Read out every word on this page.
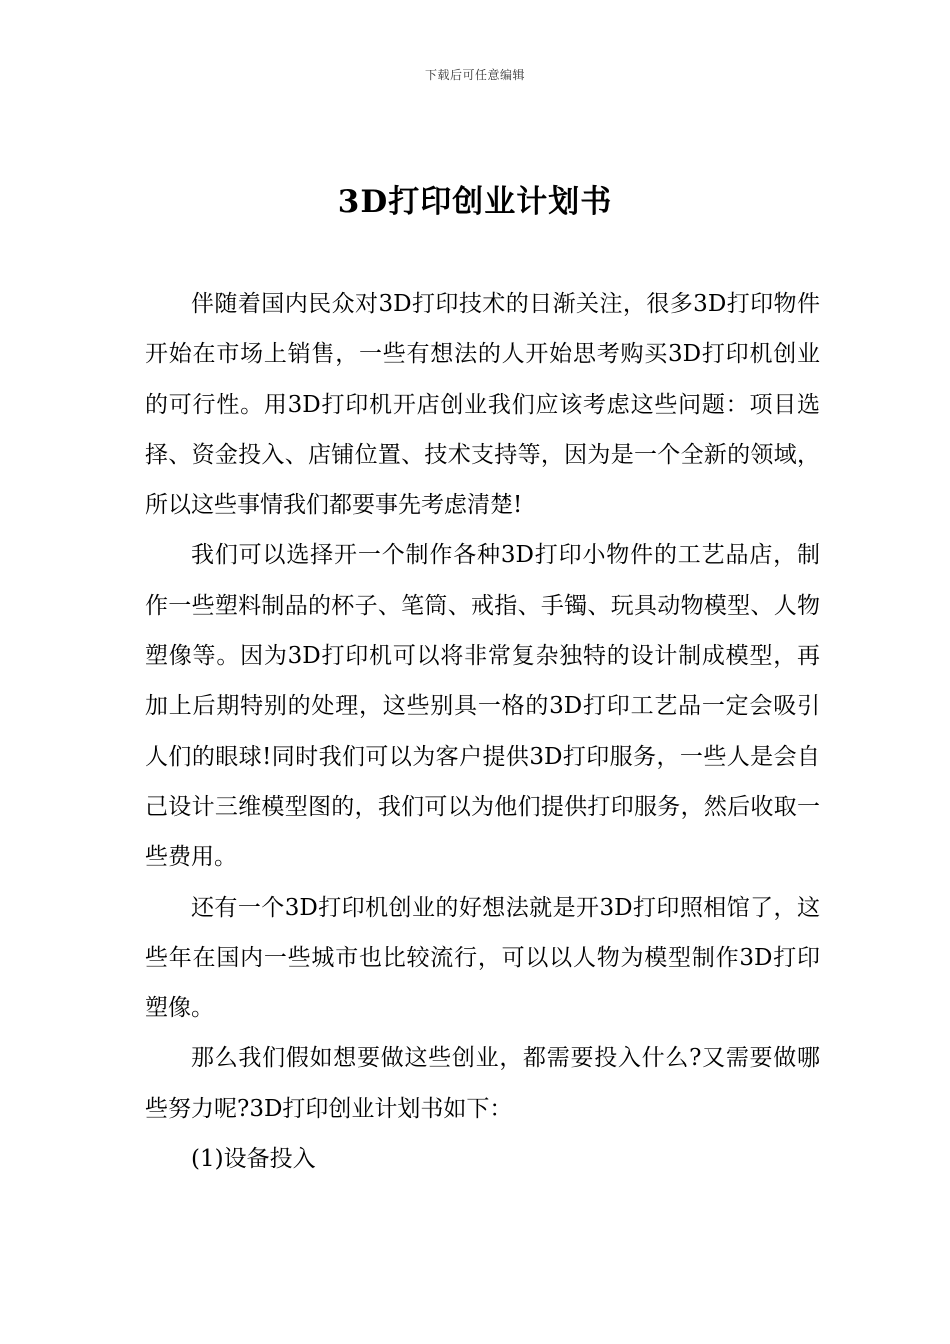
下载后可任意编辑
3D打印创业计划书

伴随着国内民众对3D打印技术的日渐关注，很多3D打印物件开始在市场上销售，一些有想法的人开始思考购买3D打印机创业的可行性。用3D打印机开店创业我们应该考虑这些问题：项目选择、资金投入、店铺位置、技术支持等，因为是一个全新的领域，所以这些事情我们都要事先考虑清楚!

我们可以选择开一个制作各种3D打印小物件的工艺品店，制作一些塑料制品的杯子、笔筒、戒指、手镯、玩具动物模型、人物塑像等。因为3D打印机可以将非常复杂独特的设计制成模型，再加上后期特别的处理，这些别具一格的3D打印工艺品一定会吸引人们的眼球!同时我们可以为客户提供3D打印服务，一些人是会自己设计三维模型图的，我们可以为他们提供打印服务，然后收取一些费用。

还有一个3D打印机创业的好想法就是开3D打印照相馆了，这些年在国内一些城市也比较流行，可以以人物为模型制作3D打印塑像。

那么我们假如想要做这些创业，都需要投入什么?又需要做哪些努力呢?3D打印创业计划书如下：

(1)设备投入
